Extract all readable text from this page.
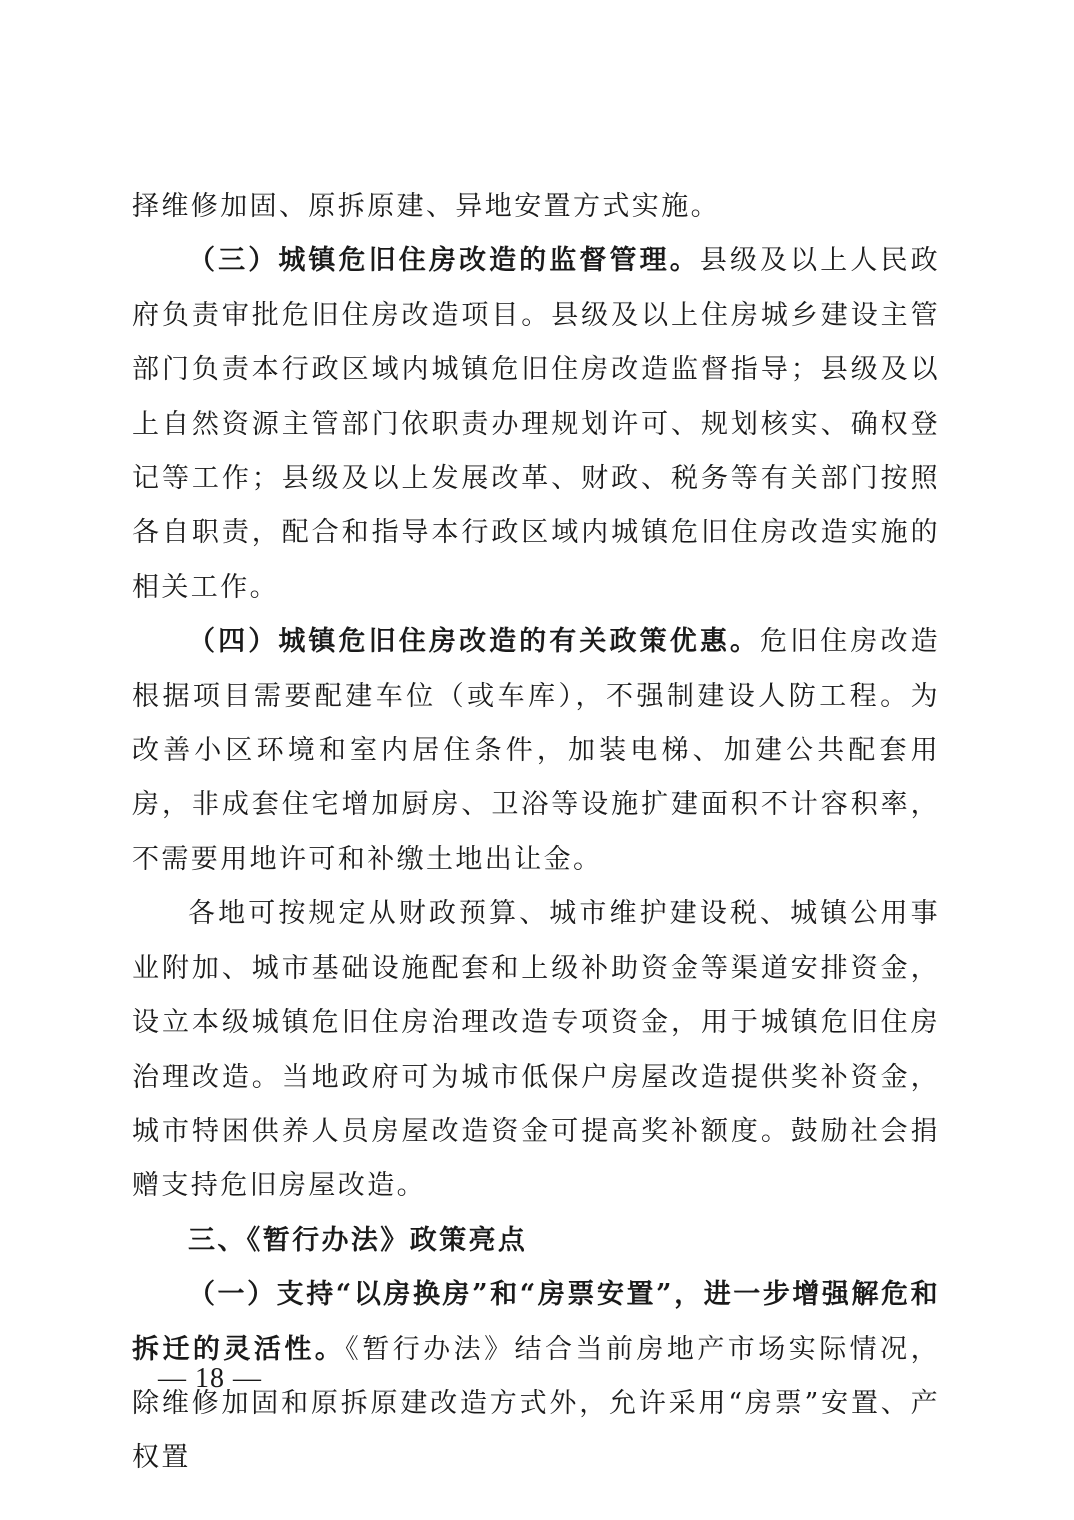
择维修加固、原拆原建、异地安置方式实施。

（三）城镇危旧住房改造的监督管理。县级及以上人民政府负责审批危旧住房改造项目。县级及以上住房城乡建设主管部门负责本行政区域内城镇危旧住房改造监督指导；县级及以上自然资源主管部门依职责办理规划许可、规划核实、确权登记等工作；县级及以上发展改革、财政、税务等有关部门按照各自职责，配合和指导本行政区域内城镇危旧住房改造实施的相关工作。

（四）城镇危旧住房改造的有关政策优惠。危旧住房改造根据项目需要配建车位（或车库），不强制建设人防工程。为改善小区环境和室内居住条件，加装电梯、加建公共配套用房，非成套住宅增加厨房、卫浴等设施扩建面积不计容积率，不需要用地许可和补缴土地出让金。

各地可按规定从财政预算、城市维护建设税、城镇公用事业附加、城市基础设施配套和上级补助资金等渠道安排资金，设立本级城镇危旧住房治理改造专项资金，用于城镇危旧住房治理改造。当地政府可为城市低保户房屋改造提供奖补资金，城市特困供养人员房屋改造资金可提高奖补额度。鼓励社会捐赠支持危旧房屋改造。

三、《暂行办法》政策亮点

（一）支持“以房换房”和“房票安置”，进一步增强解危和拆迁的灵活性。《暂行办法》结合当前房地产市场实际情况，除维修加固和原拆原建改造方式外，允许采用“房票”安置、产权置

— 18 —
